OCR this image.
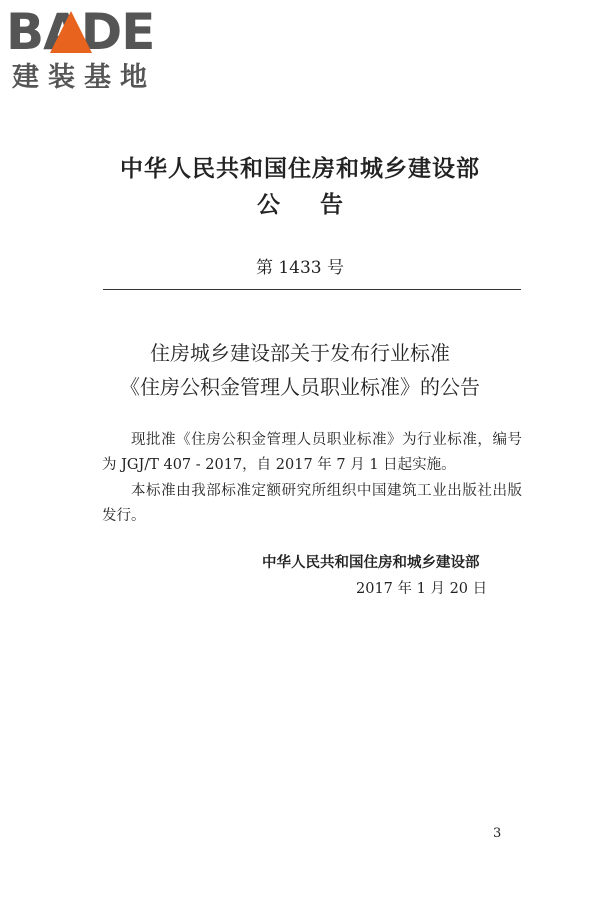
BADE
建装基地
中华人民共和国住房和城乡建设部
公告
第 1433 号
住房城乡建设部关于发布行业标准
《住房公积金管理人员职业标准》的公告

现批准《住房公积金管理人员职业标准》为行业标准，编号为 JGJ/T 407 - 2017，自 2017 年 7 月 1 日起实施。

本标准由我部标准定额研究所组织中国建筑工业出版社出版发行。

中华人民共和国住房和城乡建设部
2017 年 1 月 20 日
3
